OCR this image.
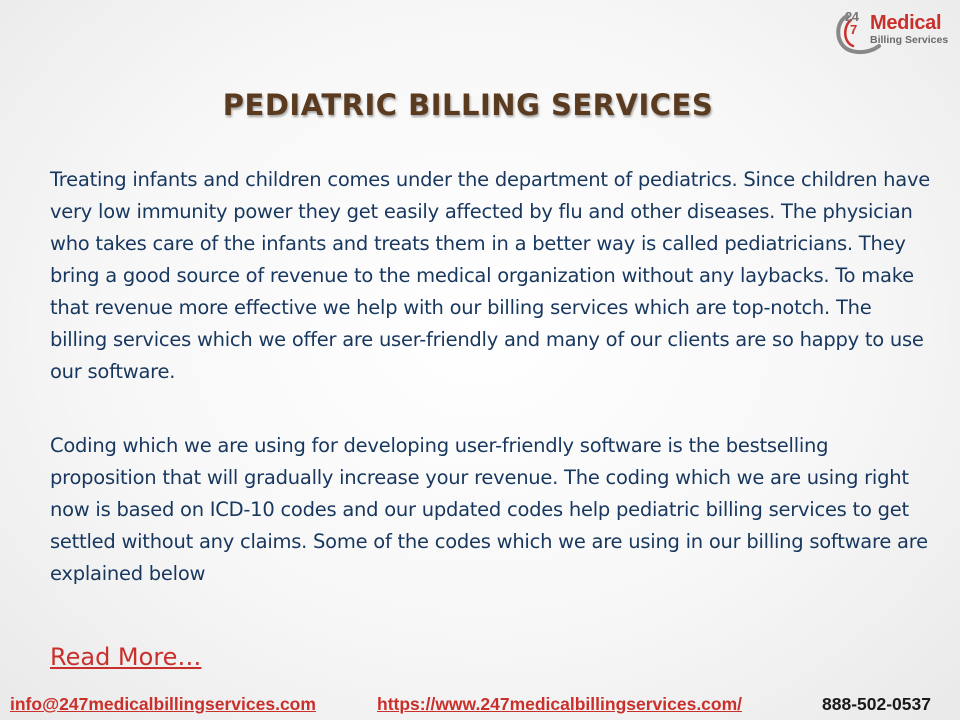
24
7 Medical
Billing Services
PEDIATRIC BILLING SERVICES

Treating infants and children comes under the department of pediatrics. Since children have very low immunity power they get easily affected by flu and other diseases. The physician who takes care of the infants and treats them in a better way is called pediatricians. They bring a good source of revenue to the medical organization without any laybacks. To make that revenue more effective we help with our billing services which are top-notch. The billing services which we offer are user-friendly and many of our clients are so happy to use our software.

Coding which we are using for developing user-friendly software is the bestselling proposition that will gradually increase your revenue. The coding which we are using right now is based on ICD-10 codes and our updated codes help pediatric billing services to get settled without any claims. Some of the codes which we are using in our billing software are explained below

Read More…
info@247medicalbillingservices.com	https://www.247medicalbillingservices.com/	888-502-0537
